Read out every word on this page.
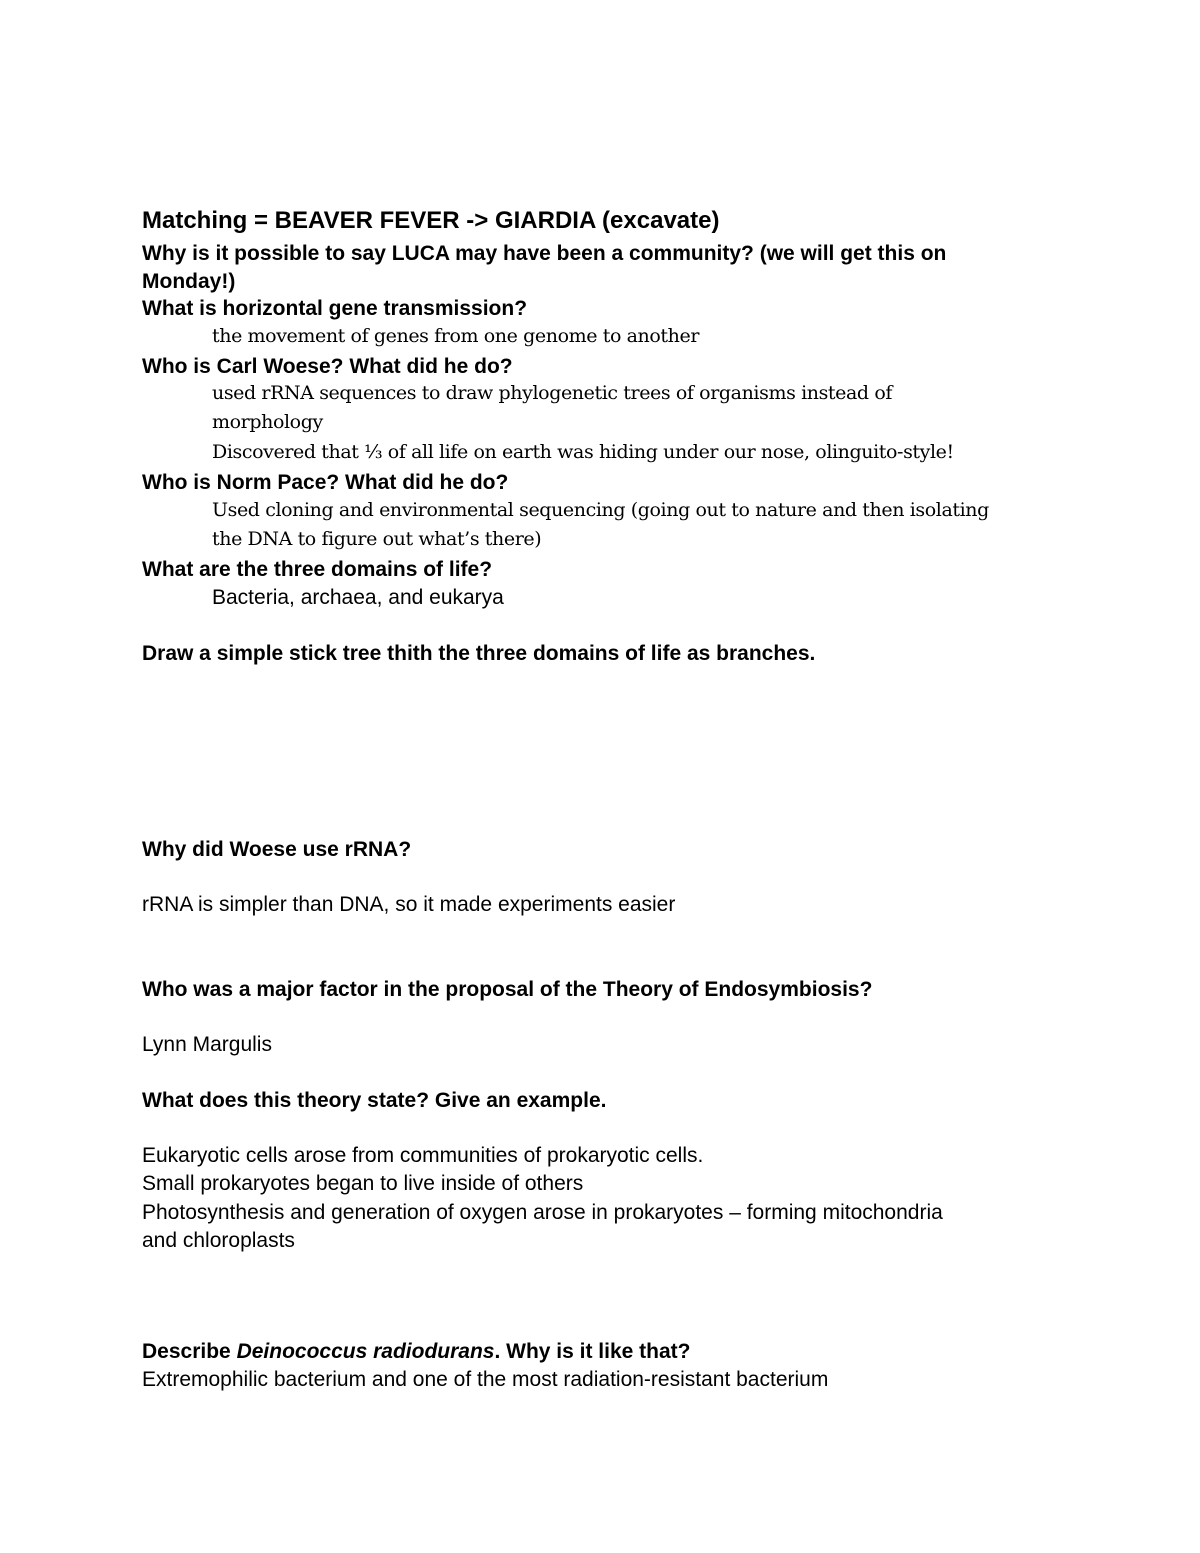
Matching = BEAVER FEVER -> GIARDIA (excavate)
Why is it possible to say LUCA may have been a community? (we will get this on
Monday!)
What is horizontal gene transmission?
the movement of genes from one genome to another
Who is Carl Woese? What did he do?
used rRNA sequences to draw phylogenetic trees of organisms instead of
morphology
Discovered that ⅓ of all life on earth was hiding under our nose, olinguito-style!
Who is Norm Pace? What did he do?
Used cloning and environmental sequencing (going out to nature and then isolating
the DNA to figure out what’s there)
What are the three domains of life?
Bacteria, archaea, and eukarya
Draw a simple stick tree thith the three domains of life as branches.
Why did Woese use rRNA?
rRNA is simpler than DNA, so it made experiments easier
Who was a major factor in the proposal of the Theory of Endosymbiosis?
Lynn Margulis
What does this theory state? Give an example.
Eukaryotic cells arose from communities of prokaryotic cells.
Small prokaryotes began to live inside of others
Photosynthesis and generation of oxygen arose in prokaryotes – forming mitochondria
and chloroplasts
Describe Deinococcus radiodurans. Why is it like that?
Extremophilic bacterium and one of the most radiation-resistant bacterium
